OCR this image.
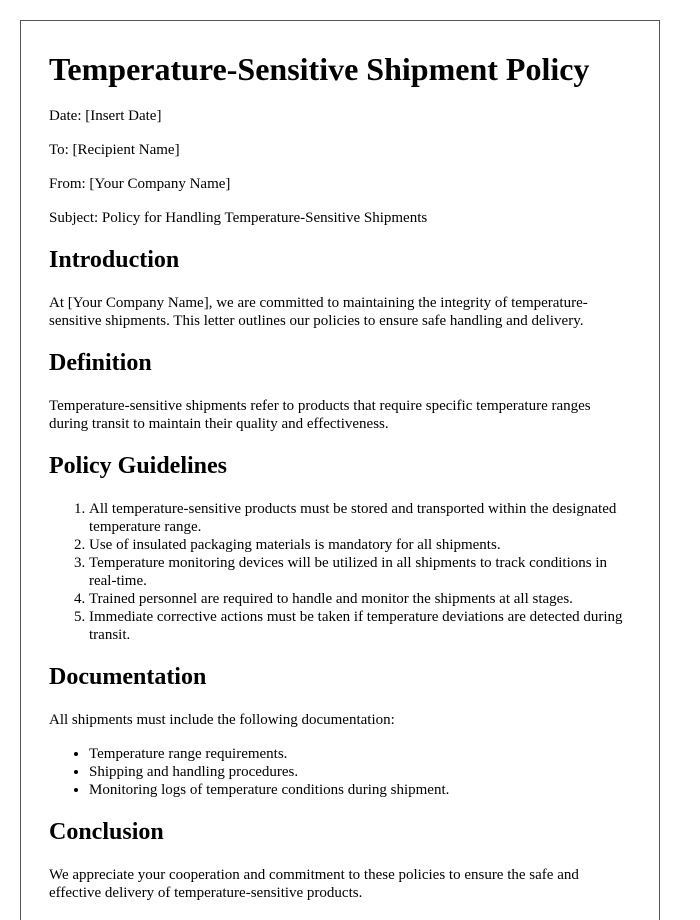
Temperature-Sensitive Shipment Policy

Date: [Insert Date]

To: [Recipient Name]

From: [Your Company Name]

Subject: Policy for Handling Temperature-Sensitive Shipments

Introduction

At [Your Company Name], we are committed to maintaining the integrity of temperature-sensitive shipments. This letter outlines our policies to ensure safe handling and delivery.

Definition

Temperature-sensitive shipments refer to products that require specific temperature ranges during transit to maintain their quality and effectiveness.

Policy Guidelines
1. All temperature-sensitive products must be stored and transported within the designated temperature range.
2. Use of insulated packaging materials is mandatory for all shipments.
3. Temperature monitoring devices will be utilized in all shipments to track conditions in real-time.
4. Trained personnel are required to handle and monitor the shipments at all stages.
5. Immediate corrective actions must be taken if temperature deviations are detected during transit.
Documentation

All shipments must include the following documentation:

• Temperature range requirements.
• Shipping and handling procedures.
• Monitoring logs of temperature conditions during shipment.
Conclusion

We appreciate your cooperation and commitment to these policies to ensure the safe and effective delivery of temperature-sensitive products.
